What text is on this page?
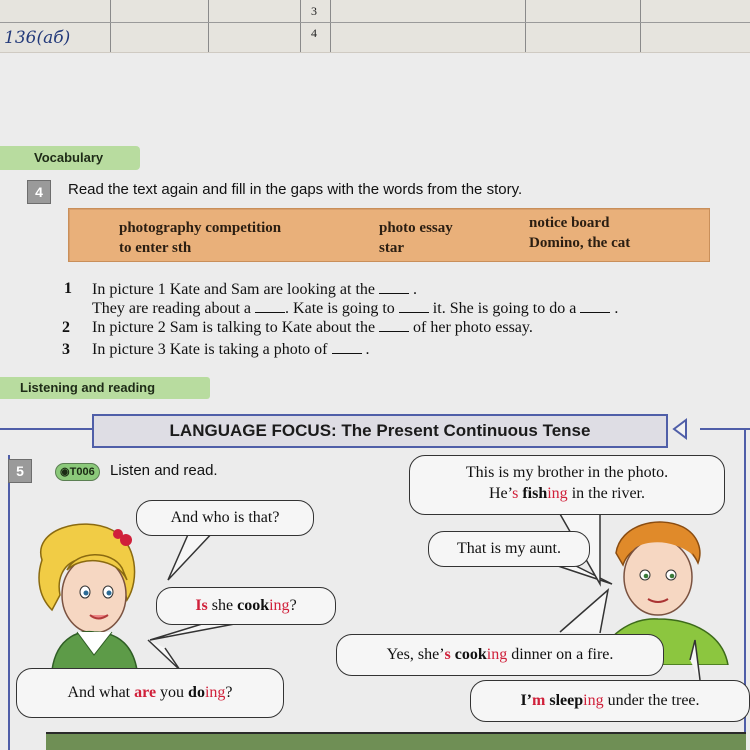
3
4
136(aб)
Vocabulary
4	Read the text again and fill in the gaps with the words from the story.
photography competition
to enter sth
photo essay
star
notice board
Domino, the cat
1 In picture 1 Kate and Sam are looking at the .
They are reading about a . Kate is going to it. She is going to do a .
2 In picture 2 Sam is talking to Kate about the of her photo essay.
3 In picture 3 Kate is taking a photo of .
Listening and reading
LANGUAGE FOCUS: The Present Continuous Tense
5	◉T006	Listen and read.	This is my brother in the photo.
He’s fishing in the river.
And who is that?
That is my aunt.
Is she cooking?
Yes, she’s cooking dinner on a fire.
And what are you doing?	I’m sleeping under the tree.
